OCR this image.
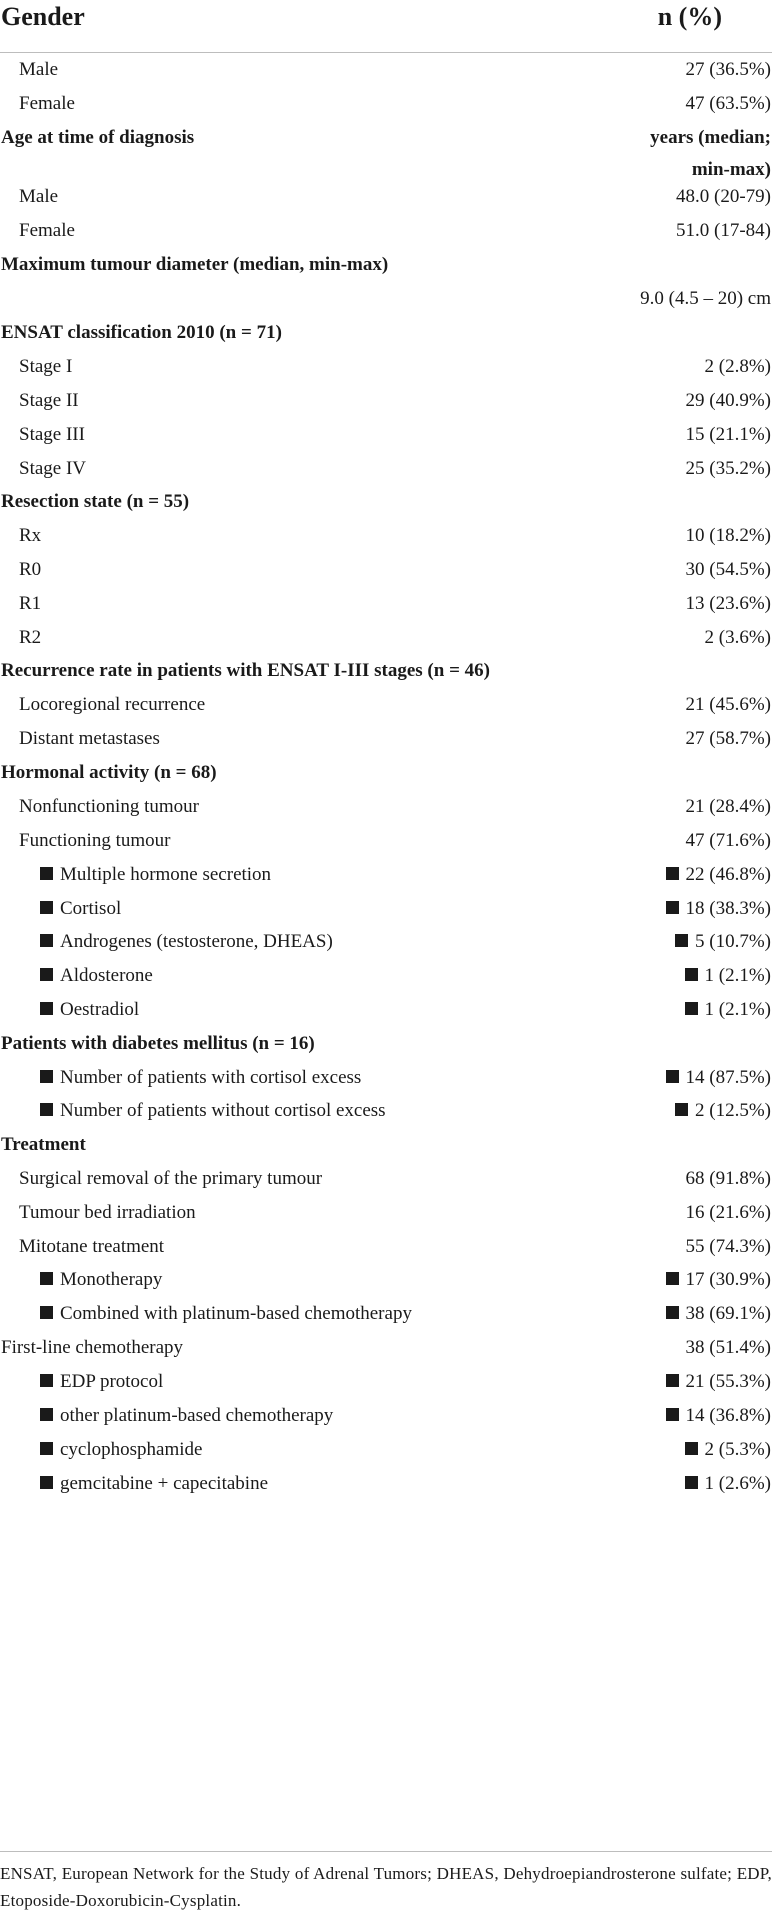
Gender	n (%)
Male	27 (36.5%)
Female	47 (63.5%)
Age at time of diagnosis	years (median;
min-max)
Male	48.0 (20-79)
Female	51.0 (17-84)
Maximum tumour diameter (median, min-max)
9.0 (4.5 – 20) cm
ENSAT classification 2010 (n = 71)
Stage I	2 (2.8%)
Stage II	29 (40.9%)
Stage III	15 (21.1%)
Stage IV	25 (35.2%)
Resection state (n = 55)
Rx	10 (18.2%)
R0	30 (54.5%)
R1	13 (23.6%)
R2	2 (3.6%)
Recurrence rate in patients with ENSAT I-III stages (n = 46)
Locoregional recurrence	21 (45.6%)
Distant metastases	27 (58.7%)
Hormonal activity (n = 68)
Nonfunctioning tumour	21 (28.4%)
Functioning tumour	47 (71.6%)
Multiple hormone secretion	22 (46.8%)
Cortisol	18 (38.3%)
Androgenes (testosterone, DHEAS)	5 (10.7%)
Aldosterone	1 (2.1%)
Oestradiol	1 (2.1%)
Patients with diabetes mellitus (n = 16)
Number of patients with cortisol excess	14 (87.5%)
Number of patients without cortisol excess	2 (12.5%)
Treatment
Surgical removal of the primary tumour	68 (91.8%)
Tumour bed irradiation	16 (21.6%)
Mitotane treatment	55 (74.3%)
Monotherapy	17 (30.9%)
Combined with platinum-based chemotherapy	38 (69.1%)
First-line chemotherapy	38 (51.4%)
EDP protocol	21 (55.3%)
other platinum-based chemotherapy	14 (36.8%)
cyclophosphamide	2 (5.3%)
gemcitabine + capecitabine	1 (2.6%)
ENSAT, European Network for the Study of Adrenal Tumors; DHEAS, Dehydroepiandrosterone sulfate; EDP, Etoposide-Doxorubicin-Cysplatin.
